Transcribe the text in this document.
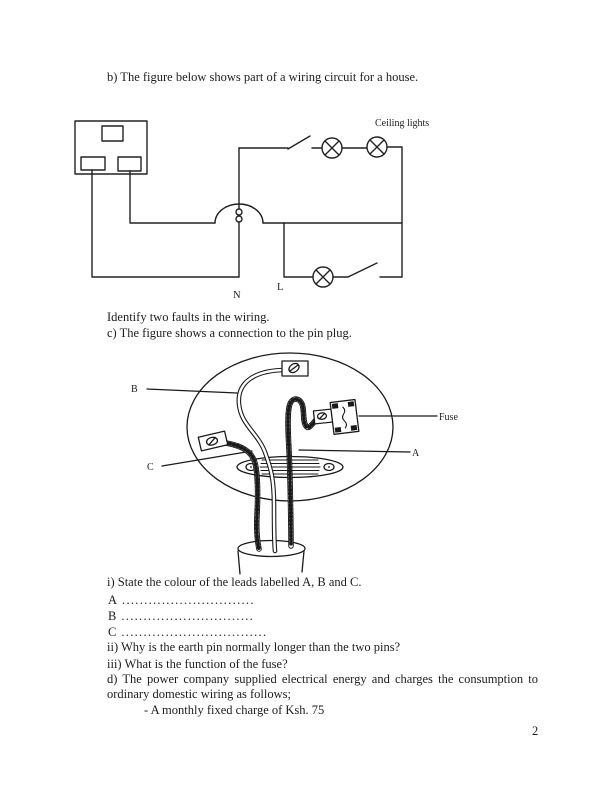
b) The figure below shows part of a wiring circuit for a house.
Ceiling lights
N
L
Identify two faults in the wiring.
c) The figure shows a connection to the pin plug.
B
C
A
Fuse
i) State the colour of the leads labelled A, B and C.
A ..............................
B ..............................
C .................................
ii) Why is the earth pin normally longer than the two pins?
iii) What is the function of the fuse?
d) The power company supplied electrical energy and charges the consumption to
ordinary domestic wiring as follows;
- A monthly fixed charge of Ksh. 75
2
